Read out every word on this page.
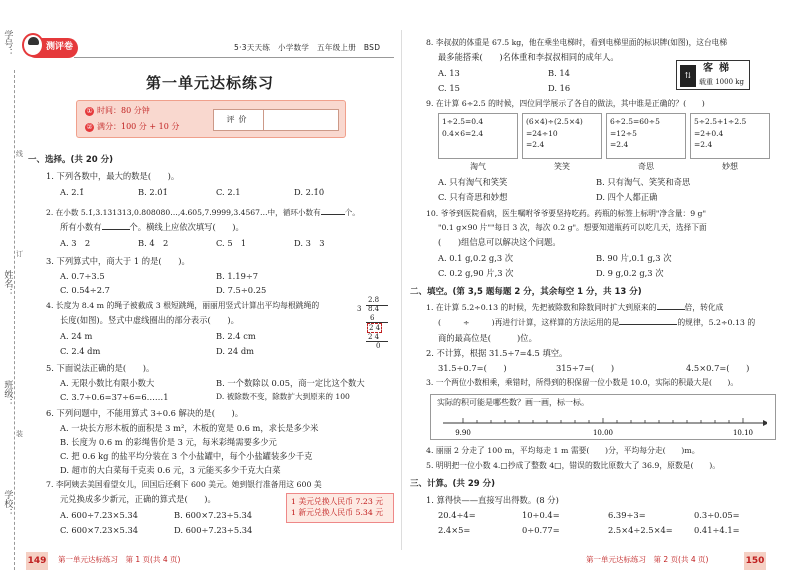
学号：
姓名：
班级：
学校：
线
订
装
测评卷	5·3天天练　小学数学　五年级上册　BSD
第一单元达标练习
① 时间：80 分钟
② 满分：100 分 + 10 分
评价
一、选择。(共 20 分)
1. 下列各数中，最大的数是(　　)。
A. 2.1̇	B. 2.0̇1̇	C. 2.1	D. 2.1̇0̇
2. 在小数 5.1̇,3.131313,0.808080…,4.605,7.9999,3.4567…中，循环小数有	个。
所有小数有	个。横线上应依次填写(　　)。
A. 3　2	B. 4　2	C. 5　1	D. 3　3
3. 下列算式中，商大于 1 的是(　　)。
A. 0.7÷3.5	B. 1.19÷7
C. 0.54÷2.7	D. 7.5÷0.25
4. 长度为 8.4 m 的绳子被截成 3 根短跳绳，丽丽用竖式计算出平均每根跳绳的
长度(如图)。竖式中虚线圈出的部分表示(　　)。
A. 24 m	B. 2.4 cm
C. 2.4 dm	D. 24 dm
2.8
3 8.4
6
2 4
2 4
0
5. 下面说法正确的是(　　)。
A. 无限小数比有限小数大	B. 一个数除以 0.05，商一定比这个数大
C. 3.7÷0.6=37÷6=6……1	D. 被除数不变，除数扩大到原来的 100
6. 下列问题中，不能用算式 3÷0.6 解决的是(　　)。
A. 一块长方形木板的面积是 3 m²，木板的宽是 0.6 m，求长是多少米
B. 长度为 0.6 m 的彩绳售价是 3 元，每米彩绳需要多少元
C. 把 0.6 kg 的盐平均分装在 3 个小盐罐中，每个小盐罐装多少千克
D. 超市的大白菜每千克卖 0.6 元，3 元能买多少千克大白菜
7. 李阿姨去美国看望女儿，回国后还剩下 600 美元。她到银行准备用这 600 美
元兑换成多少新元，正确的算式是(　　)。
A. 600÷7.23×5.34	B. 600×7.23÷5.34
C. 600×7.23×5.34	D. 600÷7.23÷5.34
1 美元兑换人民币 7.23 元
1 新元兑换人民币 5.34 元
149 第一单元达标练习　第 1 页(共 4 页)
8. 李叔叔的体重是 67.5 kg，他在乘坐电梯时，看到电梯里面的标识牌(如图)，这台电梯
最多能搭乘(　　)名体重和李叔叔相同的成年人。
A. 13	B. 14
C. 15	D. 16
⇅
客梯
载重 1000 kg
9. 在计算 6÷2.5 的时候，四位同学展示了各自的做法，其中谁是正确的？(　　)
1÷2.5=0.4
0.4×6=2.4
(6×4)÷(2.5×4)
=24÷10
=2.4
6÷2.5=60÷5
=12÷5
=2.4
5÷2.5+1÷2.5
=2+0.4
=2.4
淘气	笑笑	奇思	妙想
A. 只有淘气和笑笑	B. 只有淘气、笑笑和奇思
C. 只有奇思和妙想	D. 四个人都正确
10. 爷爷到医院看病，医生嘱咐爷爷要坚持吃药。药瓶的标签上标明"净含量：9 g"
"0.1 g×90 片""每日 3 次，每次 0.2 g"。想要知道瓶药可以吃几天，选择下面
(　　)组信息可以解决这个问题。
A. 0.1 g,0.2 g,3 次	B. 90 片,0.1 g,3 次
C. 0.2 g,90 片,3 次	D. 9 g,0.2 g,3 次
二、填空。(第 3,5 题每题 2 分，其余每空 1 分，共 13 分)
1. 在计算 5.2÷0.13 的时候，先把被除数和除数同时扩大到原来的	倍，转化成
(	÷	)再进行计算，这样算的方法运用的是	的规律，5.2÷0.13 的
商的最高位是(	)位。
2. 不计算，根据 31.5÷7=4.5 填空。
31.5÷0.7=(　　)	315÷7=(　　)	4.5×0.7=(　　)
3. 一个两位小数相乘，乘错时，所得到的积保留一位小数是 10.0，实际的积最大是(　　)。
实际的积可能是哪些数？画一画，标一标。
9.90	10.00	10.10
4. 丽丽 2 分走了 100 m，平均每走 1 m 需要(　　)分，平均每分走(　　)m。
5. 明明把一位小数 4.□抄成了整数 4□，错误的数比原数大了 36.9，原数是(　　)。
三、计算。(共 29 分)
1. 算得快——直接写出得数。(8 分)
20.4÷4=	10÷0.4=	6.39÷3=	0.3÷0.05=
2.4×5=	0÷0.77=	2.5×4÷2.5×4=	0.41÷4.1=
第一单元达标练习　第 2 页(共 4 页)	150
